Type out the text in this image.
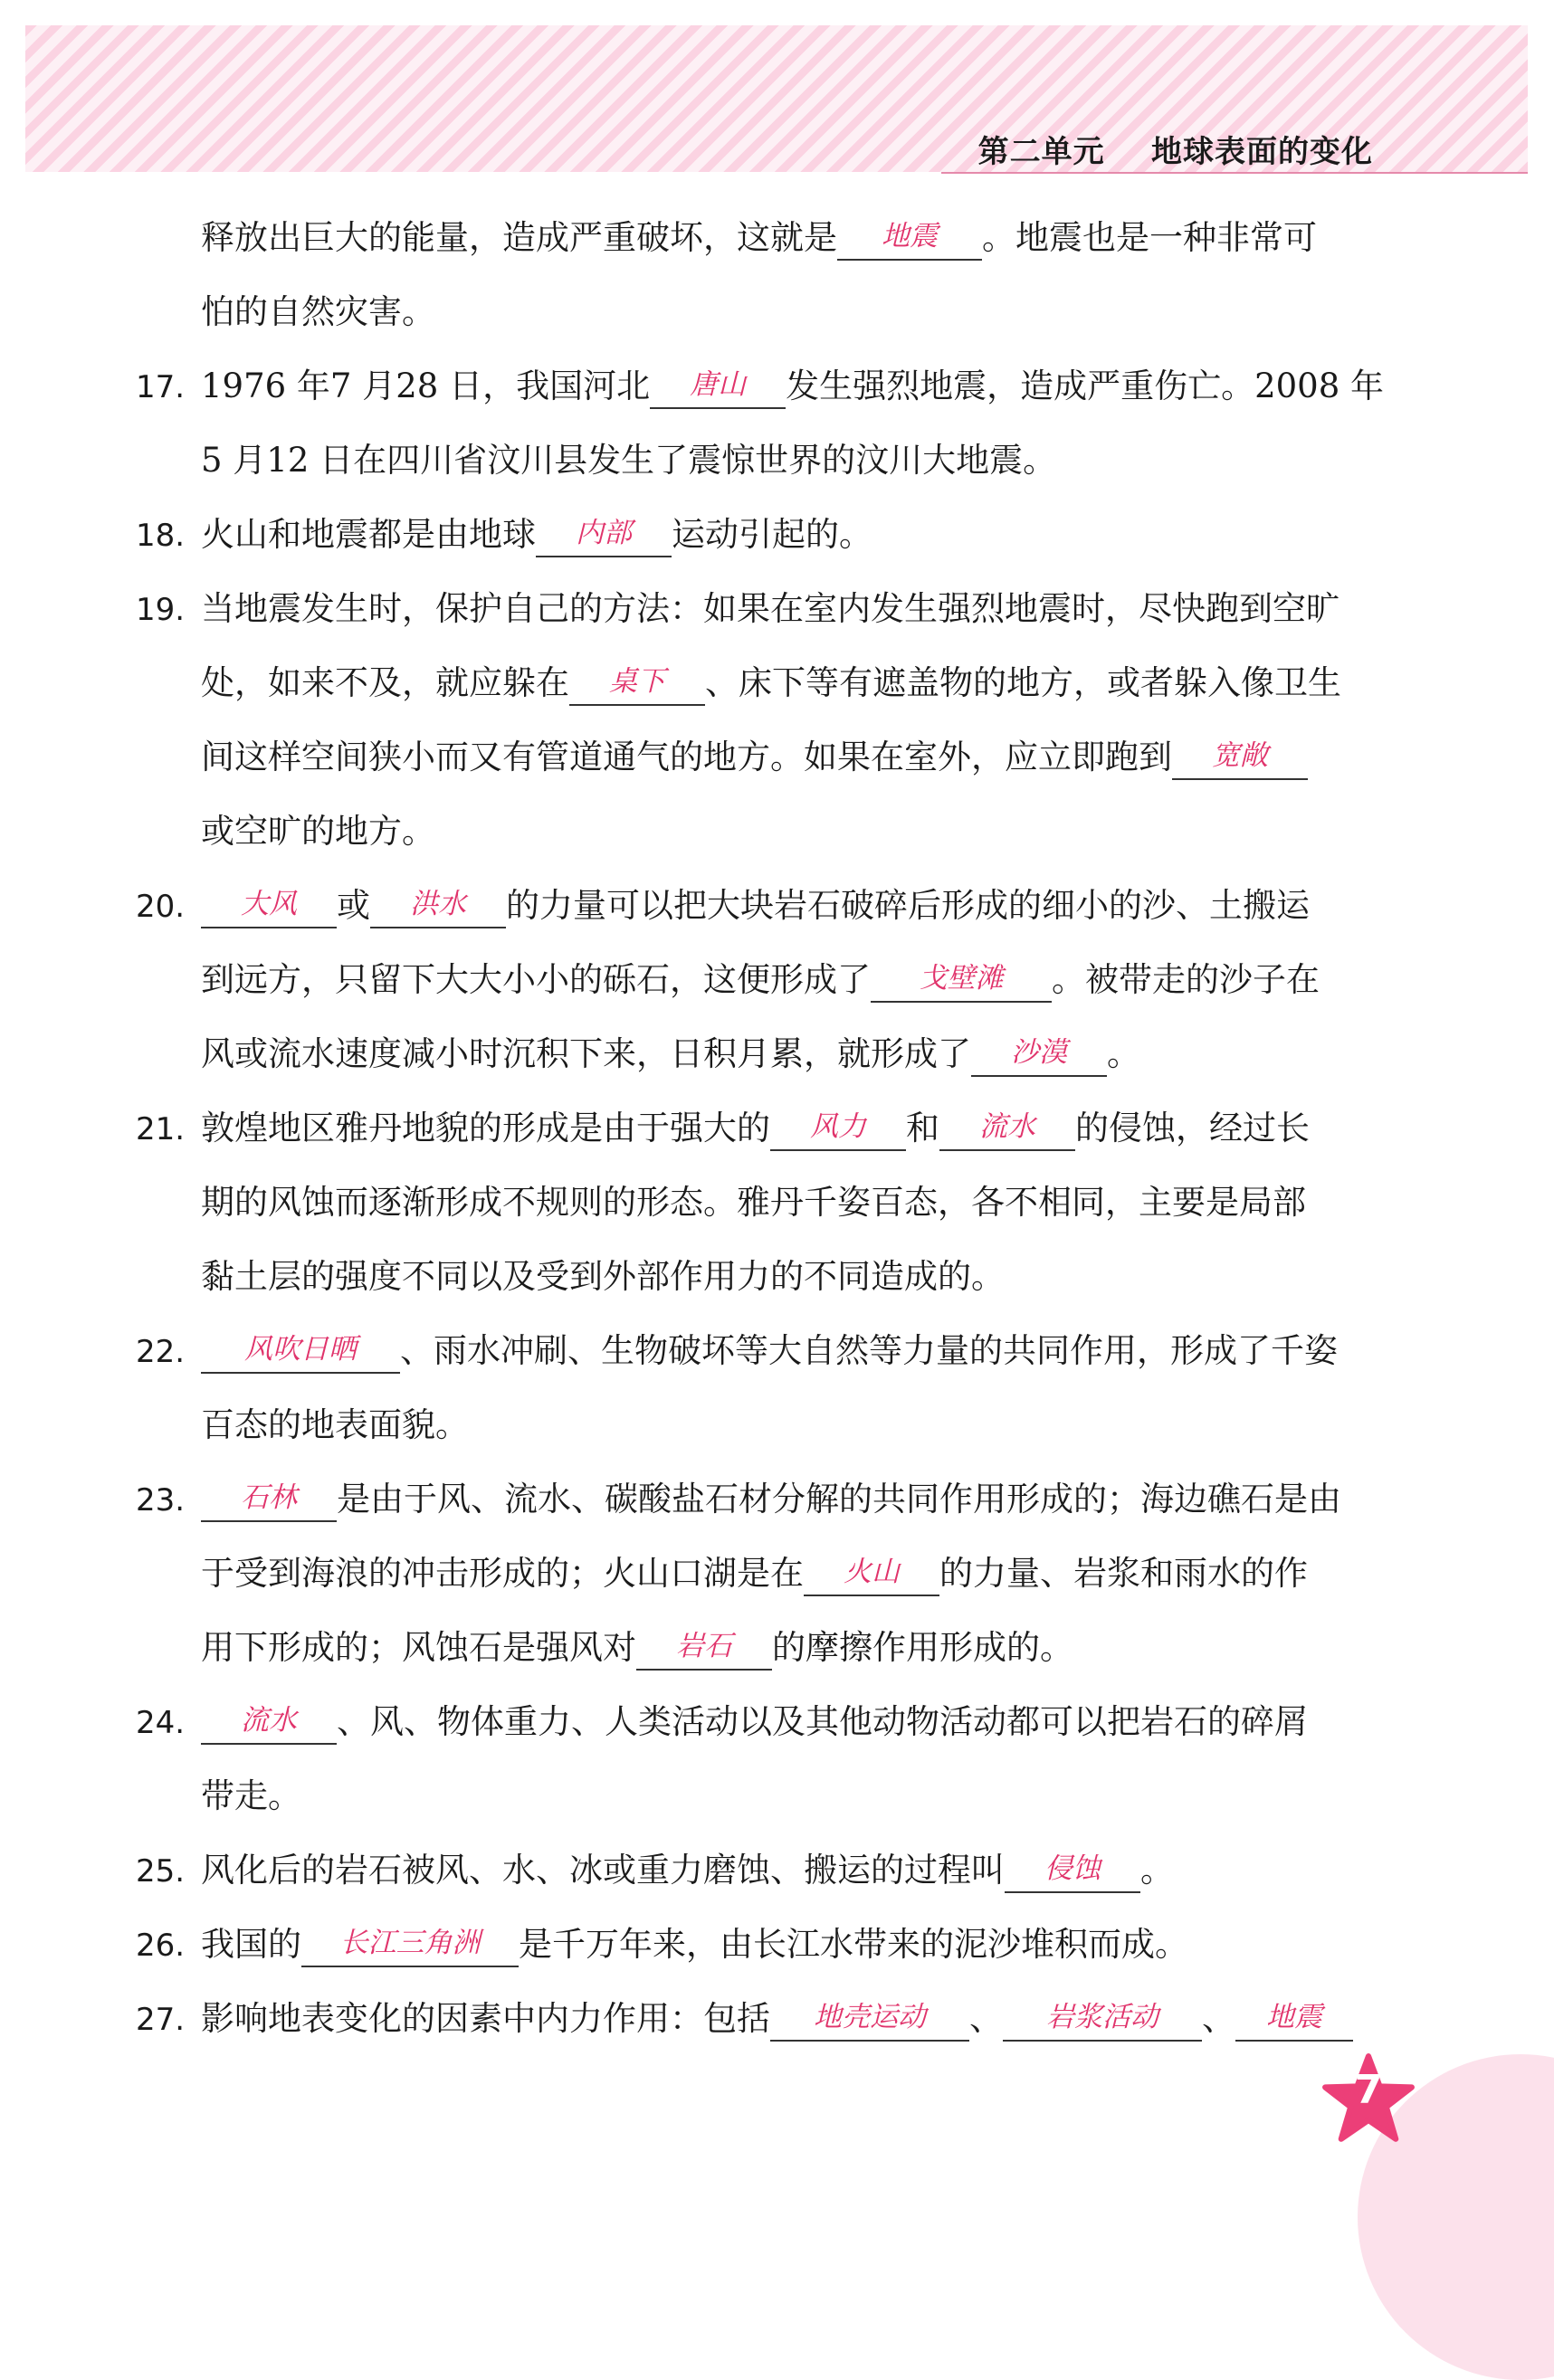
第二单元    地球表面的变化
释放出巨大的能量，造成严重破坏，这就是 地震 。地震也是一种非常可
怕的自然灾害。
17. 1976 年7 月28 日，我国河北 唐山 发生强烈地震，造成严重伤亡。2008 年
5 月12 日在四川省汶川县发生了震惊世界的汶川大地震。
18. 火山和地震都是由地球 内部 运动引起的。
19. 当地震发生时，保护自己的方法：如果在室内发生强烈地震时，尽快跑到空旷
处，如来不及，就应躲在 桌下 、床下等有遮盖物的地方，或者躲入像卫生
间这样空间狭小而又有管道通气的地方。如果在室外，应立即跑到 宽敞
或空旷的地方。
20. 大风 或 洪水 的力量可以把大块岩石破碎后形成的细小的沙、土搬运
到远方，只留下大大小小的砾石，这便形成了 戈壁滩 。被带走的沙子在
风或流水速度减小时沉积下来，日积月累，就形成了 沙漠 。
21. 敦煌地区雅丹地貌的形成是由于强大的 风力 和 流水 的侵蚀，经过长
期的风蚀而逐渐形成不规则的形态。雅丹千姿百态，各不相同，主要是局部
黏土层的强度不同以及受到外部作用力的不同造成的。
22. 风吹日晒 、雨水冲刷、生物破坏等大自然等力量的共同作用，形成了千姿
百态的地表面貌。
23. 石林 是由于风、流水、碳酸盐石材分解的共同作用形成的；海边礁石是由
于受到海浪的冲击形成的；火山口湖是在 火山 的力量、岩浆和雨水的作
用下形成的；风蚀石是强风对 岩石 的摩擦作用形成的。
24. 流水 、风、物体重力、人类活动以及其他动物活动都可以把岩石的碎屑
带走。
25. 风化后的岩石被风、水、冰或重力磨蚀、搬运的过程叫 侵蚀 。
26. 我国的 长江三角洲 是千万年来，由长江水带来的泥沙堆积而成。
27. 影响地表变化的因素中内力作用：包括 地壳运动 、 岩浆活动 、 地震
7
